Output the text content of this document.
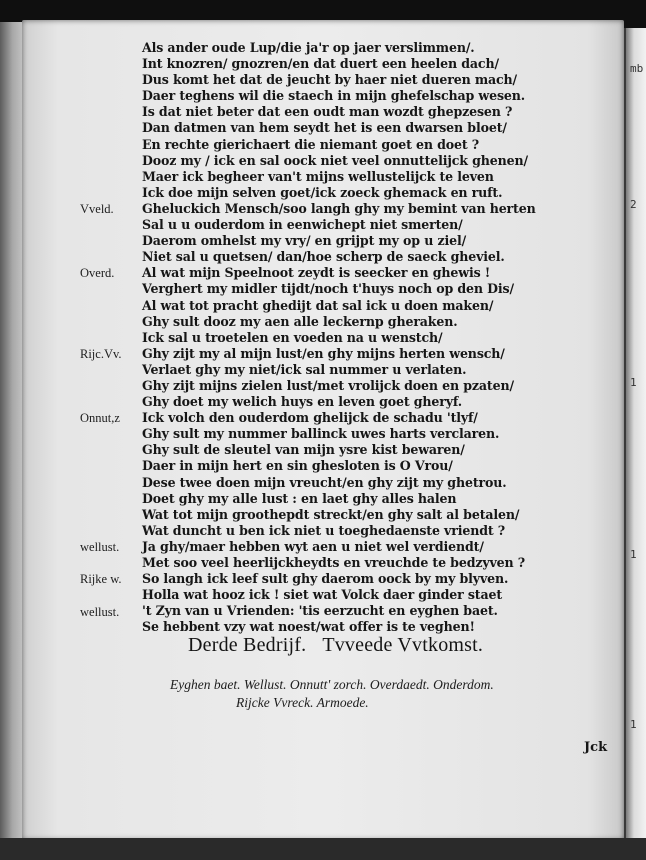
mb
2
1
1
1
Als ander oude Lup/die ja'r op jaer verslimmen/.
Int knozren/ gnozren/en dat duert een heelen dach/
Dus komt het dat de jeucht by haer niet dueren mach/
Daer teghens wil die staech in mijn ghefelschap wesen.
Is dat niet beter dat een oudt man wozdt ghepzesen ?
Dan datmen van hem seydt het is een dwarsen bloet/
En rechte gierichaert die niemant goet en doet ?
Dooz my / ick en sal oock niet veel onnuttelijck ghenen/
Maer ick begheer van't mijns wellustelijck te leven
Ick doe mijn selven goet/ick zoeck ghemack en ruft.
Gheluckich Mensch/soo langh ghy my bemint van herten
Sal u u ouderdom in eenwichept niet smerten/
Daerom omhelst my vry/ en grijpt my op u ziel/
Niet sal u quetsen/ dan/hoe scherp de saeck gheviel.
Al wat mijn Speelnoot zeydt is seecker en ghewis !
Verghert my midler tijdt/noch t'huys noch op den Dis/
Al wat tot pracht ghedijt dat sal ick u doen maken/
Ghy sult dooz my aen alle leckernp gheraken.
Ick sal u troetelen en voeden na u wenstch/
Ghy zijt my al mijn lust/en ghy mijns herten wensch/
Verlaet ghy my niet/ick sal nummer u verlaten.
Ghy zijt mijns zielen lust/met vrolijck doen en pzaten/
Ghy doet my welich huys en leven goet gheryf.
Ick volch den ouderdom ghelijck de schadu 'tlyf/
Ghy sult my nummer ballinck uwes harts verclaren.
Ghy sult de sleutel van mijn ysre kist bewaren/
Daer in mijn hert en sin ghesloten is O Vrou/
Dese twee doen mijn vreucht/en ghy zijt my ghetrou.
Doet ghy my alle lust : en laet ghy alles halen
Wat tot mijn groothepdt streckt/en ghy salt al betalen/
Wat duncht u ben ick niet u toeghedaenste vriendt ?
Ja ghy/maer hebben wyt aen u niet wel verdiendt/
Met soo veel heerlijckheydts en vreuchde te bedzyven ?
So langh ick leef sult ghy daerom oock by my blyven.
Holla wat hooz ick ! siet wat Volck daer ginder staet
't Zyn van u Vrienden: 'tis eerzucht en eyghen baet.
Se hebbent vzy wat noest/wat offer is te veghen!
Vveld.
Overd.
Rijc.Vv.
Onnut,z
wellust.
Rijke w.
wellust.
Derde Bedrijf. Tvveede Vvtkomst.
Eyghen baet. Wellust. Onnutt' zorch. Overdaedt. Onderdom.
Rijcke Vvreck. Armoede.
Jck
